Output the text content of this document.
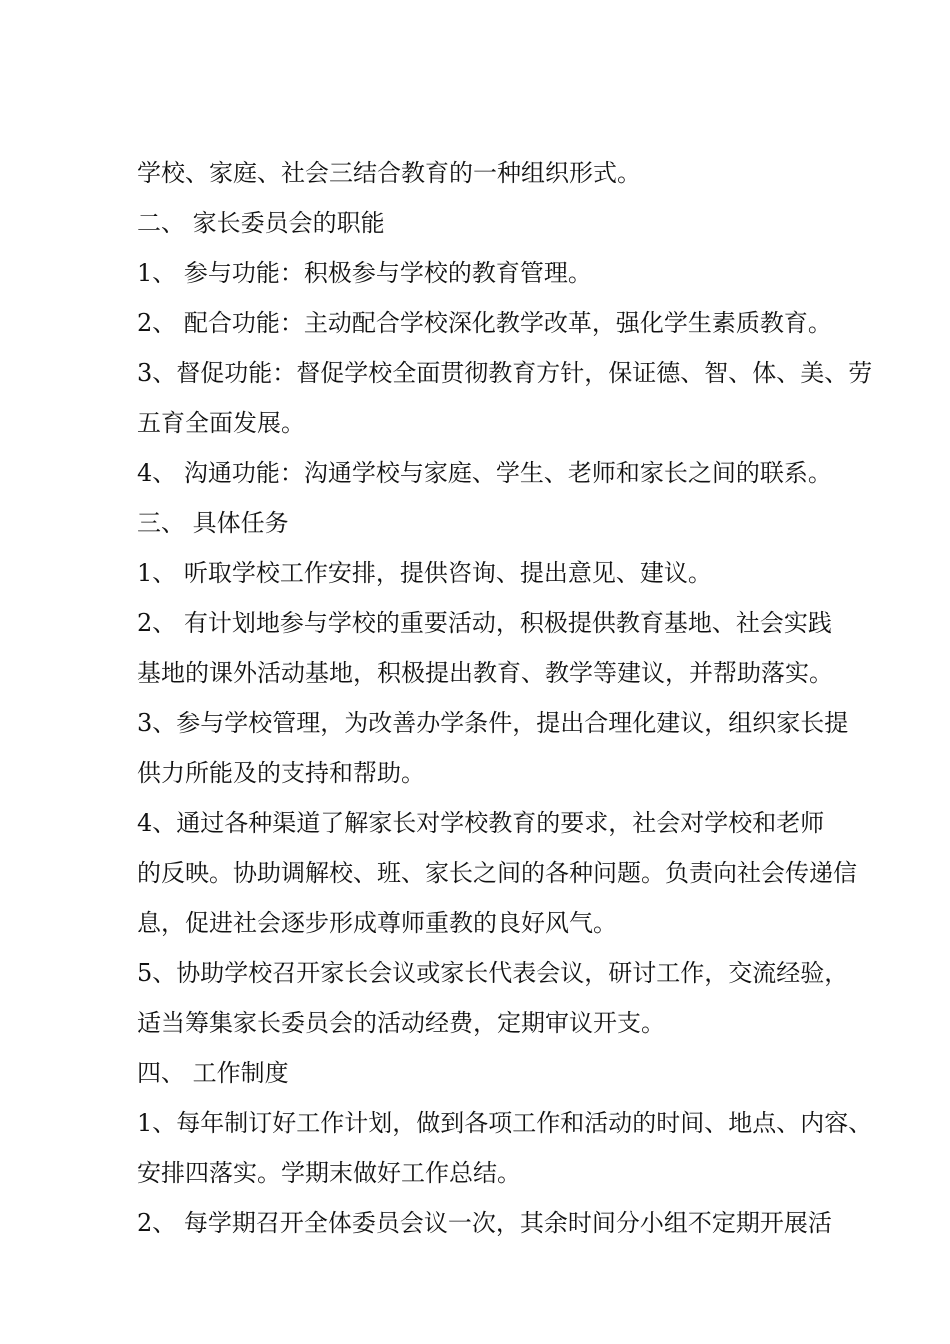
学校、家庭、社会三结合教育的一种组织形式。
二、 家长委员会的职能
1、 参与功能：积极参与学校的教育管理。
2、 配合功能：主动配合学校深化教学改革，强化学生素质教育。
3、督促功能：督促学校全面贯彻教育方针，保证德、智、体、美、劳
五育全面发展。
4、 沟通功能：沟通学校与家庭、学生、老师和家长之间的联系。
三、 具体任务
1、 听取学校工作安排，提供咨询、提出意见、建议。
2、 有计划地参与学校的重要活动，积极提供教育基地、社会实践
基地的课外活动基地，积极提出教育、教学等建议，并帮助落实。
3、参与学校管理，为改善办学条件，提出合理化建议，组织家长提
供力所能及的支持和帮助。
4、通过各种渠道了解家长对学校教育的要求，社会对学校和老师
的反映。协助调解校、班、家长之间的各种问题。负责向社会传递信
息，促进社会逐步形成尊师重教的良好风气。
5、协助学校召开家长会议或家长代表会议，研讨工作，交流经验，
适当筹集家长委员会的活动经费，定期审议开支。
四、 工作制度
1、每年制订好工作计划，做到各项工作和活动的时间、地点、内容、
安排四落实。学期末做好工作总结。
2、 每学期召开全体委员会议一次，其余时间分小组不定期开展活
